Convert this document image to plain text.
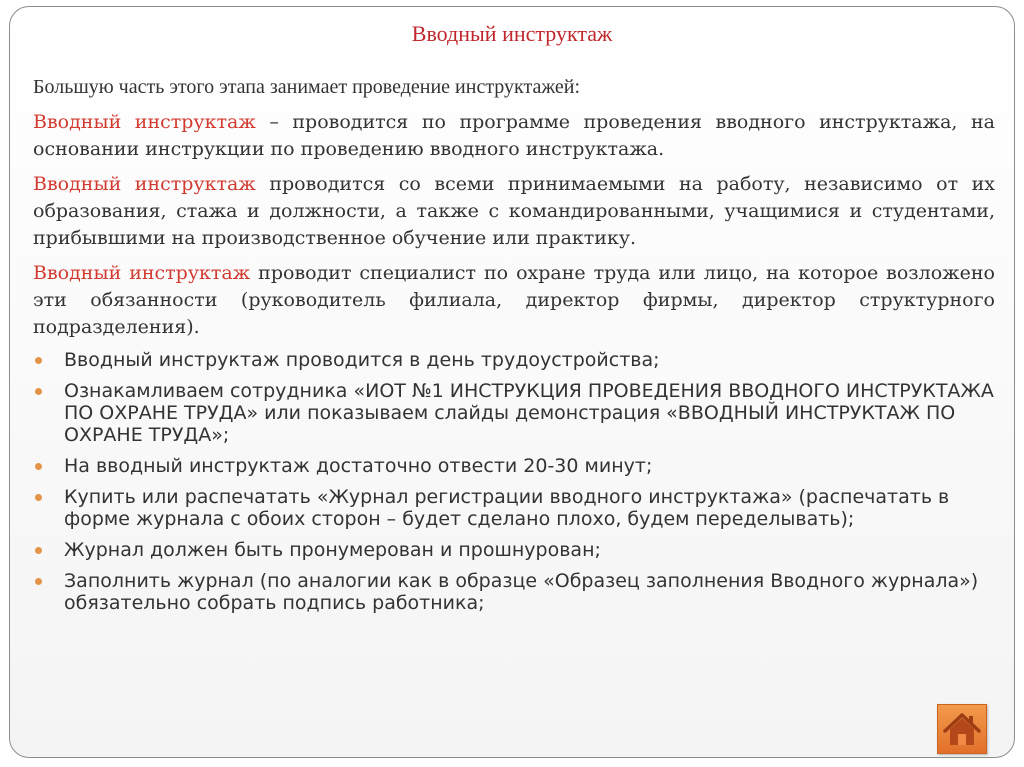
Вводный инструктаж

Большую часть этого этапа занимает проведение инструктажей:

Вводный инструктаж – проводится по программе проведения вводного инструктажа, на основании инструкции по проведению вводного инструктажа.

Вводный инструктаж проводится со всеми принимаемыми на работу, независимо от их образования, стажа и должности, а также с командированными, учащимися и студентами, прибывшими на производственное обучение или практику.

Вводный инструктаж проводит специалист по охране труда или лицо, на которое возложено эти обязанности (руководитель филиала, директор фирмы, директор структурного подразделения).

Вводный инструктаж проводится в день трудоустройства;
Ознакамливаем сотрудника «ИОТ №1 ИНСТРУКЦИЯ ПРОВЕДЕНИЯ ВВОДНОГО ИНСТРУКТАЖА ПО ОХРАНЕ ТРУДА» или показываем слайды демонстрация «ВВОДНЫЙ ИНСТРУКТАЖ ПО ОХРАНЕ ТРУДА»;
На вводный инструктаж достаточно отвести 20-30 минут;
Купить или распечатать «Журнал регистрации вводного инструктажа» (распечатать в форме журнала с обоих сторон – будет сделано плохо, будем переделывать);
Журнал должен быть пронумерован и прошнурован;
Заполнить журнал (по аналогии как в образце «Образец заполнения Вводного журнала») обязательно собрать подпись работника;
